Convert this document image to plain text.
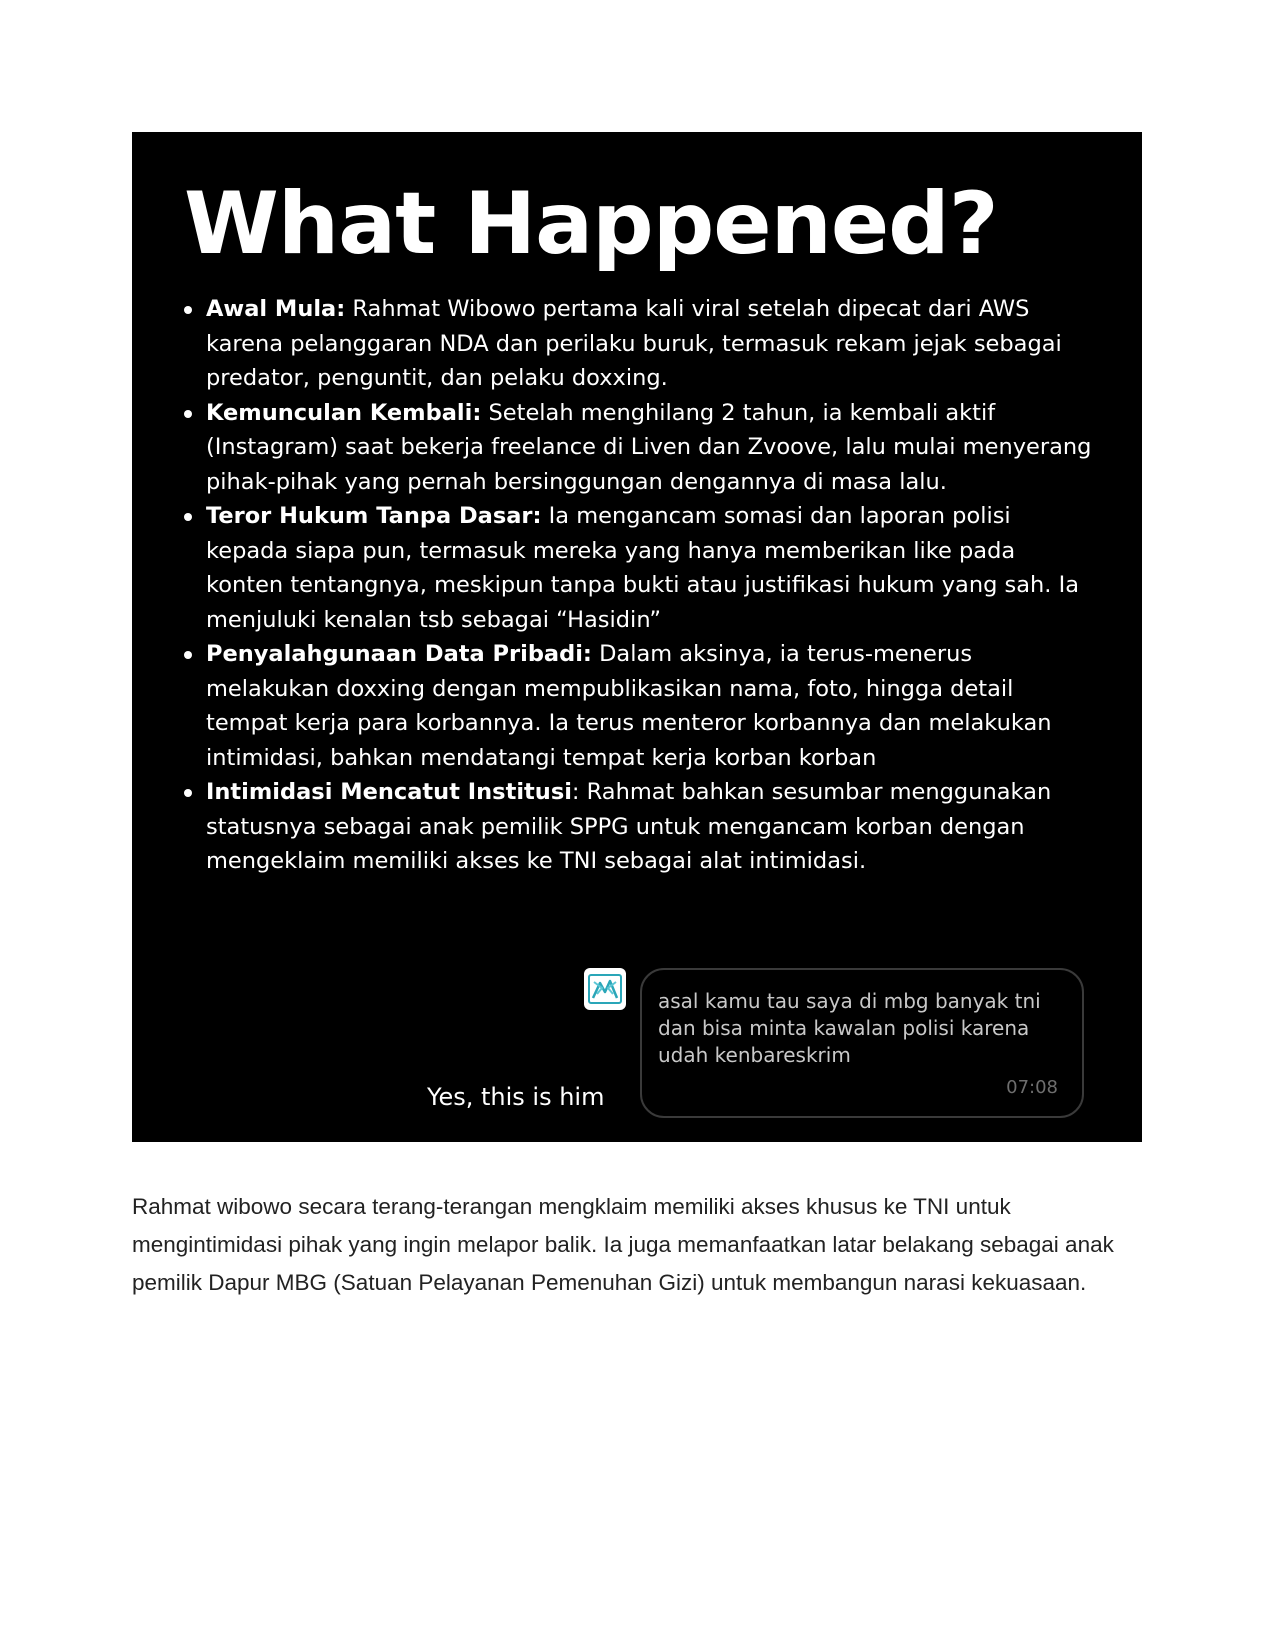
What Happened?
Awal Mula: Rahmat Wibowo pertama kali viral setelah dipecat dari AWS karena pelanggaran NDA dan perilaku buruk, termasuk rekam jejak sebagai predator, penguntit, dan pelaku doxxing.
Kemunculan Kembali: Setelah menghilang 2 tahun, ia kembali aktif (Instagram) saat bekerja freelance di Liven dan Zvoove, lalu mulai menyerang pihak-pihak yang pernah bersinggungan dengannya di masa lalu.
Teror Hukum Tanpa Dasar: Ia mengancam somasi dan laporan polisi kepada siapa pun, termasuk mereka yang hanya memberikan like pada konten tentangnya, meskipun tanpa bukti atau justifikasi hukum yang sah. Ia menjuluki kenalan tsb sebagai “Hasidin”
Penyalahgunaan Data Pribadi: Dalam aksinya, ia terus-menerus melakukan doxxing dengan mempublikasikan nama, foto, hingga detail tempat kerja para korbannya. Ia terus menteror korbannya dan melakukan intimidasi, bahkan mendatangi tempat kerja korban korban
Intimidasi Mencatut Institusi: Rahmat bahkan sesumbar menggunakan statusnya sebagai anak pemilik SPPG untuk mengancam korban dengan mengeklaim memiliki akses ke TNI sebagai alat intimidasi.

asal kamu tau saya di mbg banyak tni dan bisa minta kawalan polisi karena udah kenbareskrim

07:08

Yes, this is him

Rahmat wibowo secara terang-terangan mengklaim memiliki akses khusus ke TNI untuk mengintimidasi pihak yang ingin melapor balik. Ia juga memanfaatkan latar belakang sebagai anak pemilik Dapur MBG (Satuan Pelayanan Pemenuhan Gizi) untuk membangun narasi kekuasaan.
